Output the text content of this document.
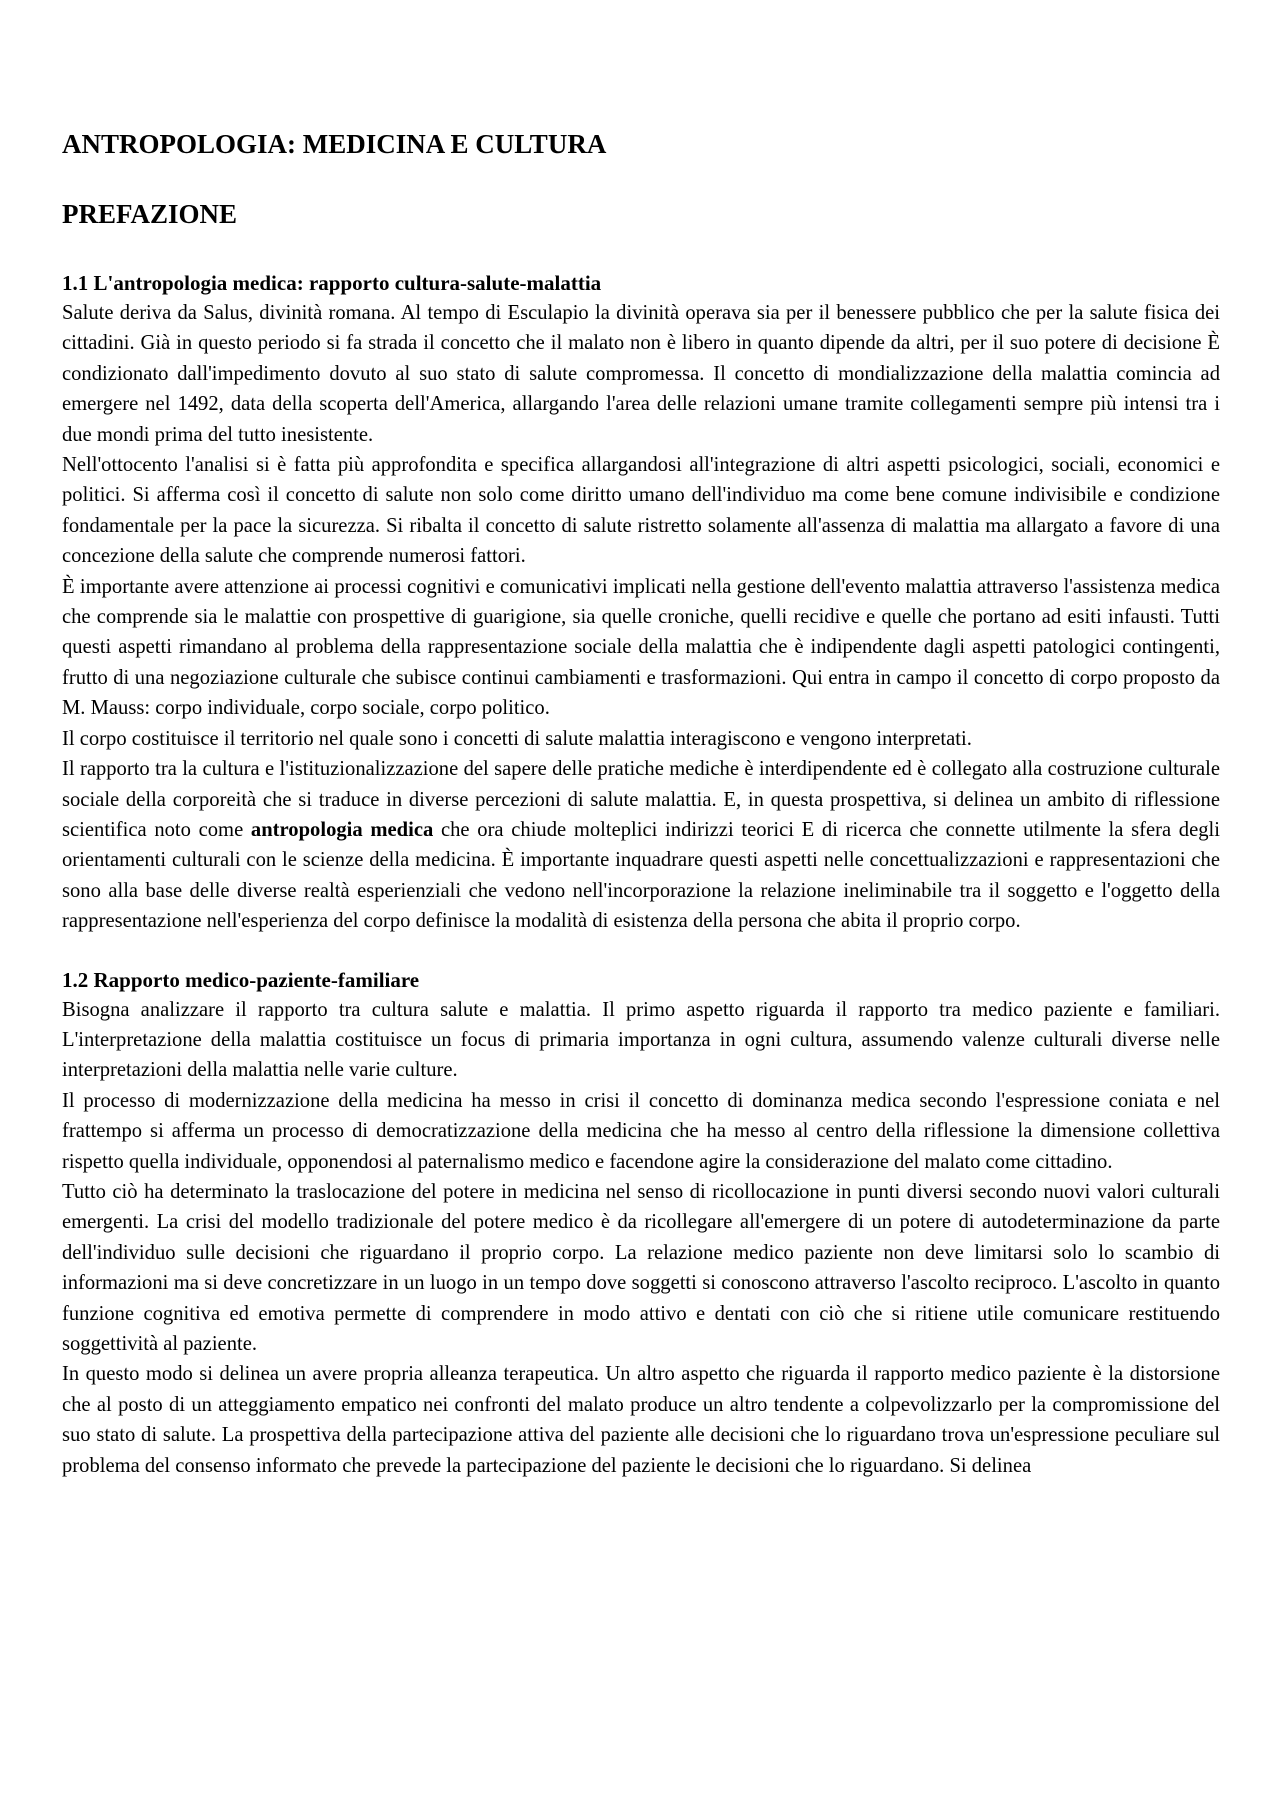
ANTROPOLOGIA: MEDICINA E CULTURA
PREFAZIONE
1.1 L'antropologia medica: rapporto cultura-salute-malattia

Salute deriva da Salus, divinità romana. Al tempo di Esculapio la divinità operava sia per il benessere pubblico che per la salute fisica dei cittadini. Già in questo periodo si fa strada il concetto che il malato non è libero in quanto dipende da altri, per il suo potere di decisione È condizionato dall'impedimento dovuto al suo stato di salute compromessa. Il concetto di mondializzazione della malattia comincia ad emergere nel 1492, data della scoperta dell'America, allargando l'area delle relazioni umane tramite collegamenti sempre più intensi tra i due mondi prima del tutto inesistente.

Nell'ottocento l'analisi si è fatta più approfondita e specifica allargandosi all'integrazione di altri aspetti psicologici, sociali, economici e politici. Si afferma così il concetto di salute non solo come diritto umano dell'individuo ma come bene comune indivisibile e condizione fondamentale per la pace la sicurezza. Si ribalta il concetto di salute ristretto solamente all'assenza di malattia ma allargato a favore di una concezione della salute che comprende numerosi fattori.

È importante avere attenzione ai processi cognitivi e comunicativi implicati nella gestione dell'evento malattia attraverso l'assistenza medica che comprende sia le malattie con prospettive di guarigione, sia quelle croniche, quelli recidive e quelle che portano ad esiti infausti. Tutti questi aspetti rimandano al problema della rappresentazione sociale della malattia che è indipendente dagli aspetti patologici contingenti, frutto di una negoziazione culturale che subisce continui cambiamenti e trasformazioni. Qui entra in campo il concetto di corpo proposto da M. Mauss: corpo individuale, corpo sociale, corpo politico.

Il corpo costituisce il territorio nel quale sono i concetti di salute malattia interagiscono e vengono interpretati.

Il rapporto tra la cultura e l'istituzionalizzazione del sapere delle pratiche mediche è interdipendente ed è collegato alla costruzione culturale sociale della corporeità che si traduce in diverse percezioni di salute malattia. E, in questa prospettiva, si delinea un ambito di riflessione scientifica noto come antropologia medica che ora chiude molteplici indirizzi teorici E di ricerca che connette utilmente la sfera degli orientamenti culturali con le scienze della medicina. È importante inquadrare questi aspetti nelle concettualizzazioni e rappresentazioni che sono alla base delle diverse realtà esperienziali che vedono nell'incorporazione la relazione ineliminabile tra il soggetto e l'oggetto della rappresentazione nell'esperienza del corpo definisce la modalità di esistenza della persona che abita il proprio corpo.

1.2 Rapporto medico-paziente-familiare

Bisogna analizzare il rapporto tra cultura salute e malattia. Il primo aspetto riguarda il rapporto tra medico paziente e familiari. L'interpretazione della malattia costituisce un focus di primaria importanza in ogni cultura, assumendo valenze culturali diverse nelle interpretazioni della malattia nelle varie culture.

Il processo di modernizzazione della medicina ha messo in crisi il concetto di dominanza medica secondo l'espressione coniata e nel frattempo si afferma un processo di democratizzazione della medicina che ha messo al centro della riflessione la dimensione collettiva rispetto quella individuale, opponendosi al paternalismo medico e facendone agire la considerazione del malato come cittadino.

Tutto ciò ha determinato la traslocazione del potere in medicina nel senso di ricollocazione in punti diversi secondo nuovi valori culturali emergenti. La crisi del modello tradizionale del potere medico è da ricollegare all'emergere di un potere di autodeterminazione da parte dell'individuo sulle decisioni che riguardano il proprio corpo. La relazione medico paziente non deve limitarsi solo lo scambio di informazioni ma si deve concretizzare in un luogo in un tempo dove soggetti si conoscono attraverso l'ascolto reciproco. L'ascolto in quanto funzione cognitiva ed emotiva permette di comprendere in modo attivo e dentati con ciò che si ritiene utile comunicare restituendo soggettività al paziente.

In questo modo si delinea un avere propria alleanza terapeutica. Un altro aspetto che riguarda il rapporto medico paziente è la distorsione che al posto di un atteggiamento empatico nei confronti del malato produce un altro tendente a colpevolizzarlo per la compromissione del suo stato di salute. La prospettiva della partecipazione attiva del paziente alle decisioni che lo riguardano trova un'espressione peculiare sul problema del consenso informato che prevede la partecipazione del paziente le decisioni che lo riguardano. Si delinea
